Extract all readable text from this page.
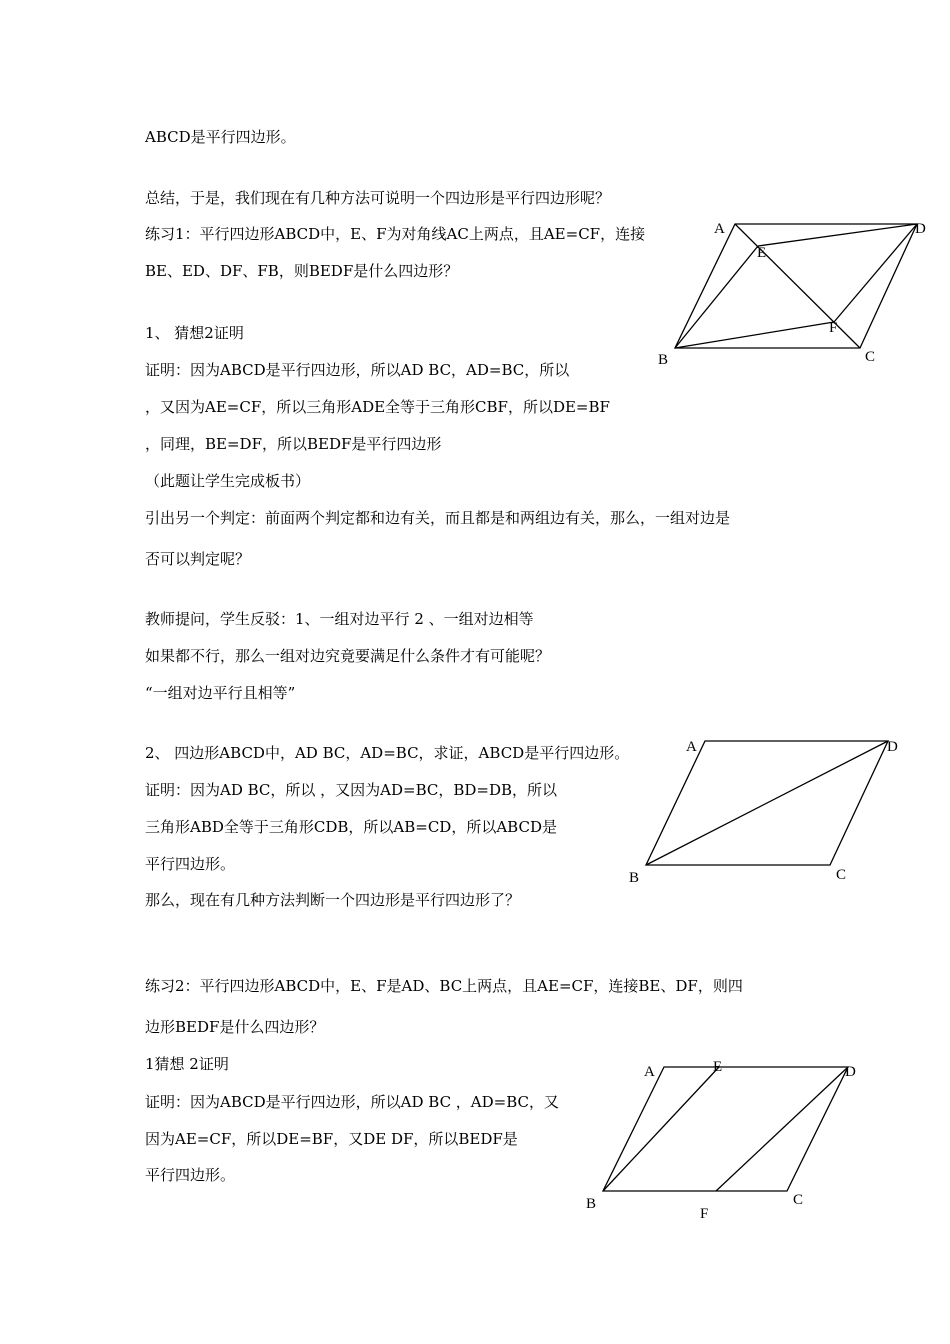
ABCD是平行四边形。
总结，于是，我们现在有几种方法可说明一个四边形是平行四边形呢？
练习1：平行四边形ABCD中，E、F为对角线AC上两点，且AE=CF，连接
BE、ED、DF、FB，则BEDF是什么四边形？
1、 猜想2证明
证明：因为ABCD是平行四边形，所以AD BC，AD=BC，所以
，又因为AE=CF，所以三角形ADE全等于三角形CBF，所以DE=BF
，同理，BE=DF，所以BEDF是平行四边形
（此题让学生完成板书）
引出另一个判定：前面两个判定都和边有关，而且都是和两组边有关，那么，一组对边是
否可以判定呢？
教师提问，学生反驳：1、一组对边平行 2 、一组对边相等
如果都不行，那么一组对边究竟要满足什么条件才有可能呢？
“一组对边平行且相等”
2、 四边形ABCD中，AD BC，AD=BC，求证，ABCD是平行四边形。
证明：因为AD BC，所以 ，又因为AD=BC，BD=DB，所以
三角形ABD全等于三角形CDB，所以AB=CD，所以ABCD是
平行四边形。
那么，现在有几种方法判断一个四边形是平行四边形了？
练习2：平行四边形ABCD中，E、F是AD、BC上两点，且AE=CF，连接BE、DF，则四
边形BEDF是什么四边形？
1猜想 2证明
证明：因为ABCD是平行四边形，所以AD BC ，AD=BC，又
因为AE=CF，所以DE=BF，又DE DF，所以BEDF是
平行四边形。
A	D
E
F
B	C
A	D
B	C
A	E	D
B
F
C
